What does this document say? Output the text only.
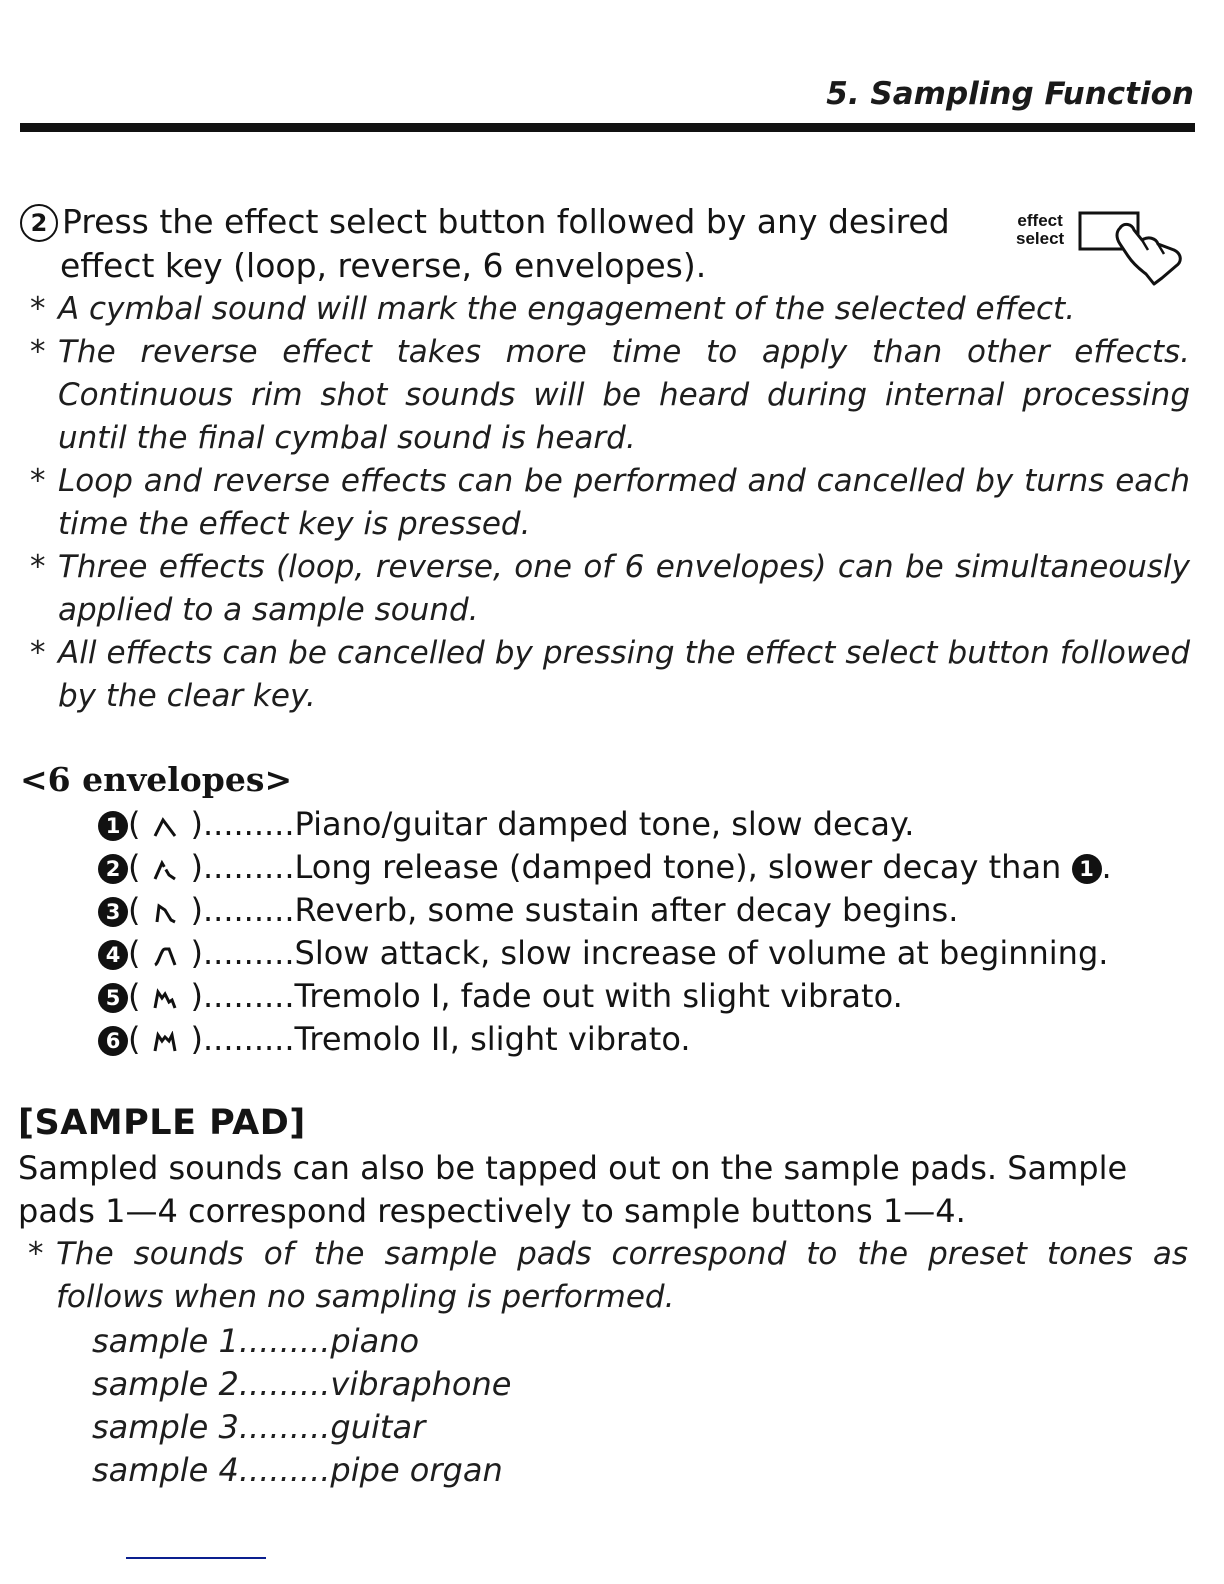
5. Sampling Function
2 Press the effect select button followed by any desired
effect key (loop, reverse, 6 envelopes).
effect
select
* A cymbal sound will mark the engagement of the selected effect.
* The reverse effect takes more time to apply than other effects. Continuous rim shot sounds will be heard during internal processing until the final cymbal sound is heard.
* Loop and reverse effects can be performed and cancelled by turns each time the effect key is pressed.
* Three effects (loop, reverse, one of 6 envelopes) can be simultaneously applied to a sample sound.
* All effects can be cancelled by pressing the effect select button followed by the clear key.
<6 envelopes>
1 ( ).........Piano/guitar damped tone, slow decay.
2 ( ).........Long release (damped tone), slower decay than 1 .
3 ( ).........Reverb, some sustain after decay begins.
4 ( ).........Slow attack, slow increase of volume at beginning.
5 ( ).........Tremolo I, fade out with slight vibrato.
6 ( ).........Tremolo II, slight vibrato.
[SAMPLE PAD]
Sampled sounds can also be tapped out on the sample pads. Sample pads 1—4 correspond respectively to sample buttons 1—4.
* The sounds of the sample pads correspond to the preset tones as follows when no sampling is performed.
sample 1.........piano
sample 2.........vibraphone
sample 3.........guitar
sample 4.........pipe organ
